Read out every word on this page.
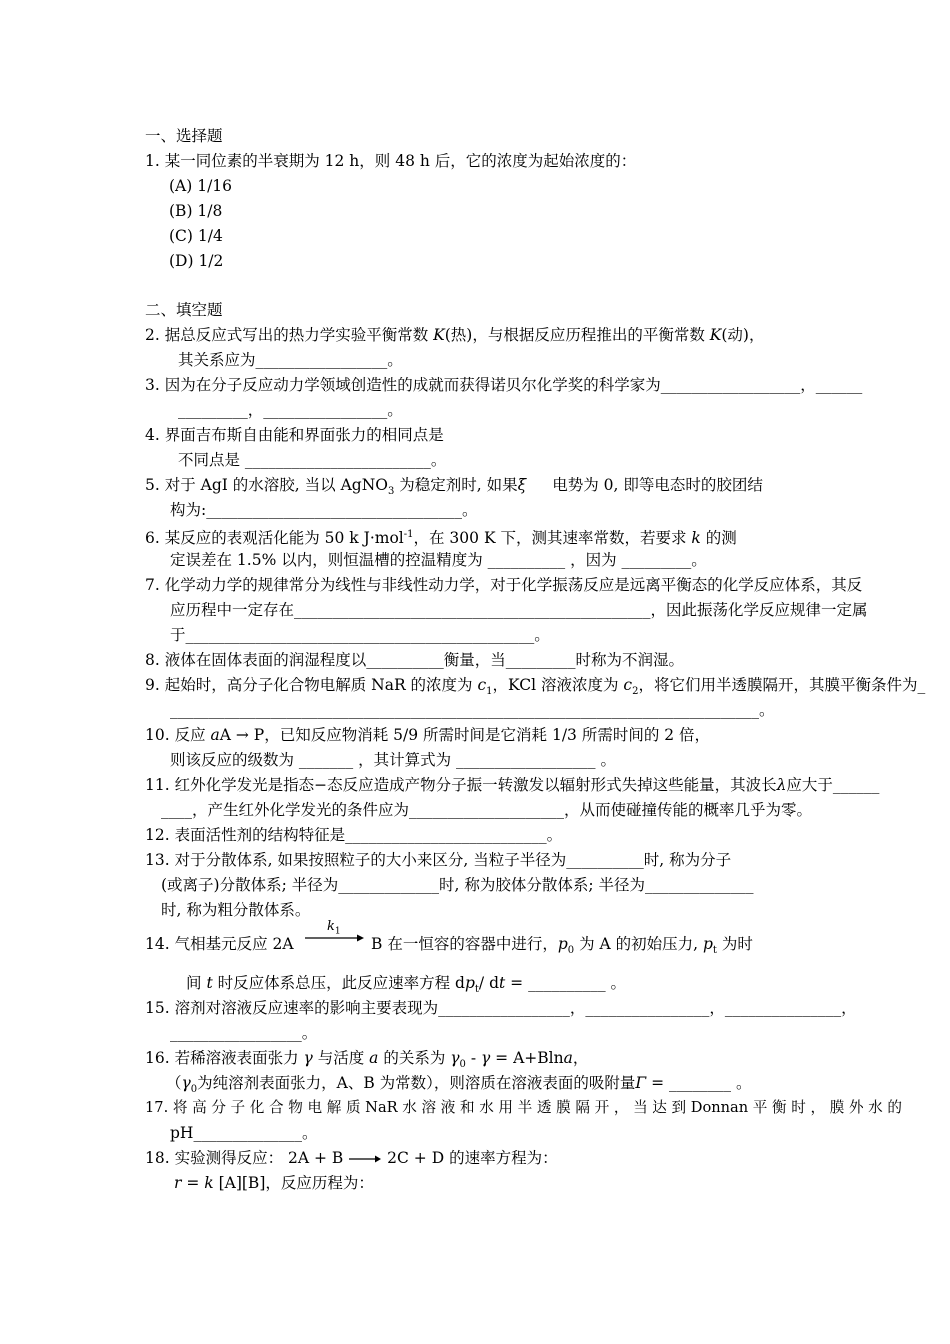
一、选择题
1. 某一同位素的半衰期为 12 h，则 48 h 后，它的浓度为起始浓度的：
(A) 1/16
(B) 1/8
(C) 1/4
(D) 1/2
二、填空题
2. 据总反应式写出的热力学实验平衡常数 K(热)，与根据反应历程推出的平衡常数 K(动)，
其关系应为_________________。
3. 因为在分子反应动力学领域创造性的成就而获得诺贝尔化学奖的科学家为__________________，______
_________，________________。
4. 界面吉布斯自由能和界面张力的相同点是
不同点是 ________________________。
5. 对于 AgI 的水溶胶, 当以 AgNO$_3$ 为稳定剂时, 如果ξ 电势为 0, 即等电态时的胶团结
构为:_________________________________。
6. 某反应的表观活化能为 50 k J·mol$^{-1}$，在 300 K 下，测其速率常数，若要求 k 的测
定误差在 1.5% 以内，则恒温槽的控温精度为 __________ ，因为 _________。
7. 化学动力学的规律常分为线性与非线性动力学，对于化学振荡反应是远离平衡态的化学反应体系，其反
应历程中一定存在______________________________________________，因此振荡化学反应规律一定属
于_____________________________________________。
8. 液体在固体表面的润湿程度以__________衡量，当_________时称为不润湿。
9. 起始时，高分子化合物电解质 NaR 的浓度为 $c_1$，KCl 溶液浓度为 $c_2$，将它们用半透膜隔开，其膜平衡条件为_
____________________________________________________________________________。
10. 反应 aA → P，已知反应物消耗 5/9 所需时间是它消耗 1/3 所需时间的 2 倍，
则该反应的级数为 _______ ，其计算式为 __________________ 。
11. 红外化学发光是指态−态反应造成产物分子振一转激发以辐射形式失掉这些能量，其波长λ应大于______
____，产生红外化学发光的条件应为____________________，从而使碰撞传能的概率几乎为零。
12. 表面活性剂的结构特征是__________________________。
13. 对于分散体系, 如果按照粒子的大小来区分, 当粒子半径为__________时, 称为分子
(或离子)分散体系; 半径为_____________时, 称为胶体分散体系; 半径为______________
时, 称为粗分散体系。
14. 气相基元反应 2A →
$k_1$
B 在一恒容的容器中进行，$p_0$ 为 A 的初始压力, $p_t$ 为时
间 t 时反应体系总压，此反应速率方程 $dp_t/$ dt = __________ 。
15. 溶剂对溶液反应速率的影响主要表现为_________________，________________，_______________，
_________________。
16. 若稀溶液表面张力 γ 与活度 a 的关系为 $\gamma_0 - \gamma = A+Blna$，
（$\gamma_0$为纯溶剂表面张力，A、B 为常数），则溶质在溶液表面的吸附量Γ = ________ 。
17. 将 高 分 子 化 合 物 电 解 质 NaR 水 溶 液 和 水 用 半 透 膜 隔 开 ， 当 达 到 Donnan 平 衡 时 ， 膜 外 水 的
pH______________。
18. 实验测得反应： 2A + B → 2C + D 的速率方程为：
r = k [A][B]，反应历程为：
